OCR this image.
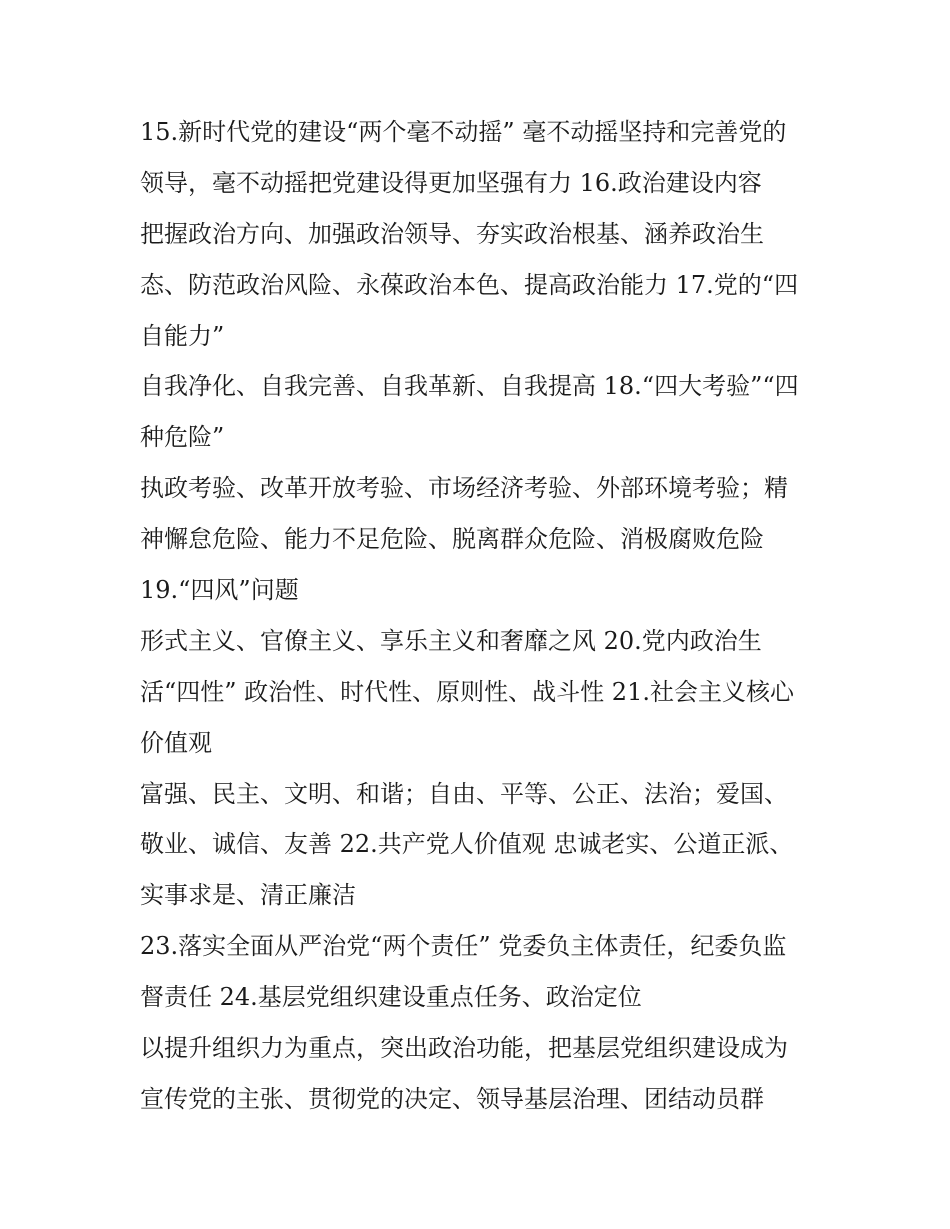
15.新时代党的建设“两个毫不动摇” 毫不动摇坚持和完善党的
领导，毫不动摇把党建设得更加坚强有力 16.政治建设内容
把握政治方向、加强政治领导、夯实政治根基、涵养政治生
态、防范政治风险、永葆政治本色、提高政治能力 17.党的“四
自能力”
自我净化、自我完善、自我革新、自我提高 18.“四大考验”“四
种危险”
执政考验、改革开放考验、市场经济考验、外部环境考验；精
神懈怠危险、能力不足危险、脱离群众危险、消极腐败危险
19.“四风”问题
形式主义、官僚主义、享乐主义和奢靡之风 20.党内政治生
活“四性” 政治性、时代性、原则性、战斗性 21.社会主义核心
价值观
富强、民主、文明、和谐；自由、平等、公正、法治；爱国、
敬业、诚信、友善 22.共产党人价值观 忠诚老实、公道正派、
实事求是、清正廉洁
23.落实全面从严治党“两个责任” 党委负主体责任，纪委负监
督责任 24.基层党组织建设重点任务、政治定位
以提升组织力为重点，突出政治功能，把基层党组织建设成为
宣传党的主张、贯彻党的决定、领导基层治理、团结动员群
